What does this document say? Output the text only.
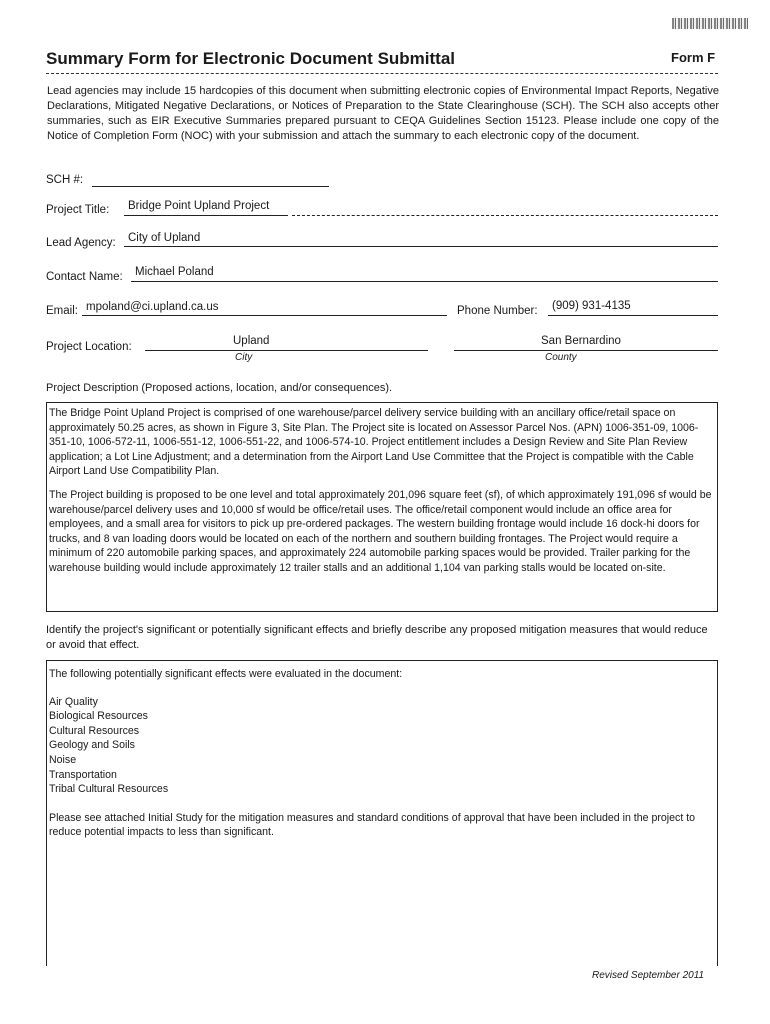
Summary Form for Electronic Document Submittal	Form F
Lead agencies may include 15 hardcopies of this document when submitting electronic copies of Environmental Impact Reports, Negative Declarations, Mitigated Negative Declarations, or Notices of Preparation to the State Clearinghouse (SCH). The SCH also accepts other summaries, such as EIR Executive Summaries prepared pursuant to CEQA Guidelines Section 15123. Please include one copy of the Notice of Completion Form (NOC) with your submission and attach the summary to each electronic copy of the document.
SCH #:
Project Title: Bridge Point Upland Project
Lead Agency: City of Upland
Contact Name: Michael Poland
Email: mpoland@ci.upland.ca.us	Phone Number: (909) 931-4135
Project Location:	Upland
City
San Bernardino
County
Project Description (Proposed actions, location, and/or consequences).

The Bridge Point Upland Project is comprised of one warehouse/parcel delivery service building with an ancillary office/retail space on approximately 50.25 acres, as shown in Figure 3, Site Plan. The Project site is located on Assessor Parcel Nos. (APN) 1006-351-09, 1006-351-10, 1006-572-11, 1006-551-12, 1006-551-22, and 1006-574-10. Project entitlement includes a Design Review and Site Plan Review application; a Lot Line Adjustment; and a determination from the Airport Land Use Committee that the Project is compatible with the Cable Airport Land Use Compatibility Plan.

The Project building is proposed to be one level and total approximately 201,096 square feet (sf), of which approximately 191,096 sf would be warehouse/parcel delivery uses and 10,000 sf would be office/retail uses. The office/retail component would include an office area for employees, and a small area for visitors to pick up pre-ordered packages. The western building frontage would include 16 dock-hi doors for trucks, and 8 van loading doors would be located on each of the northern and southern building frontages. The Project would require a minimum of 220 automobile parking spaces, and approximately 224 automobile parking spaces would be provided. Trailer parking for the warehouse building would include approximately 12 trailer stalls and an additional 1,104 van parking stalls would be located on-site.

Identify the project's significant or potentially significant effects and briefly describe any proposed mitigation measures that would reduce or avoid that effect.

The following potentially significant effects were evaluated in the document:

Air Quality
Biological Resources
Cultural Resources
Geology and Soils
Noise
Transportation
Tribal Cultural Resources

Please see attached Initial Study for the mitigation measures and standard conditions of approval that have been included in the project to reduce potential impacts to less than significant.

Revised September 2011
